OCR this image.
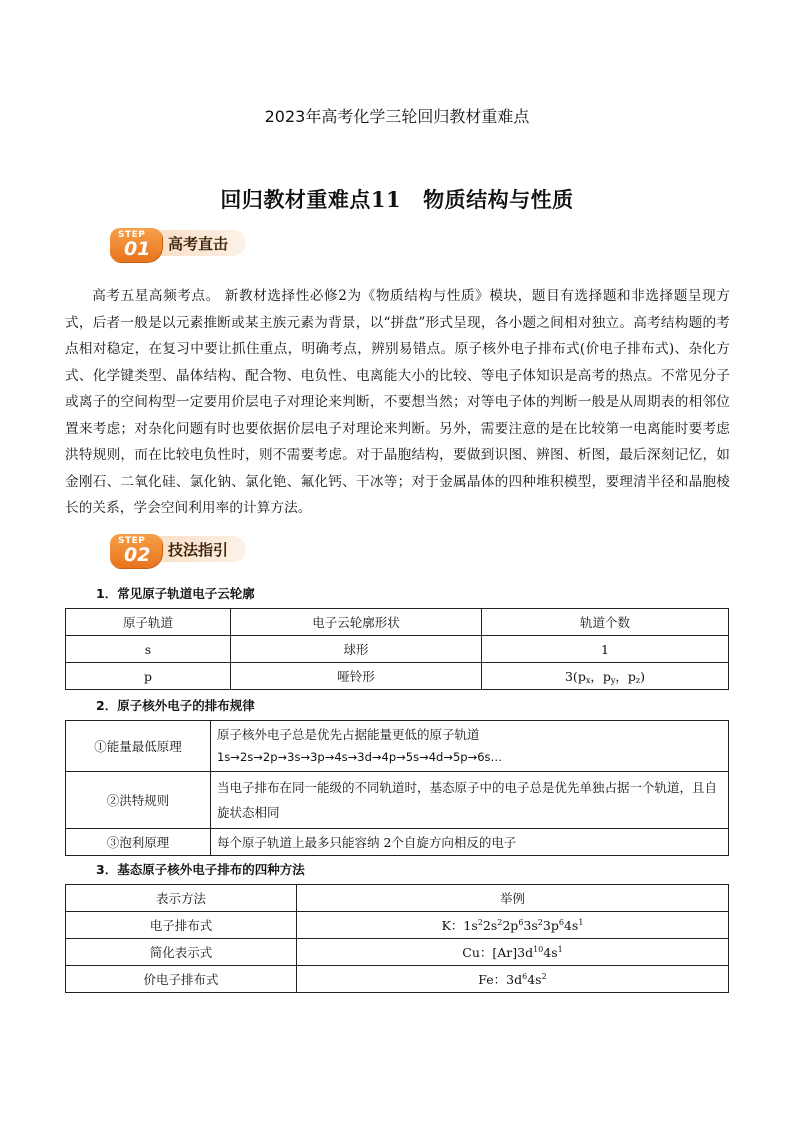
2023年高考化学三轮回归教材重难点
回归教材重难点11 物质结构与性质
STEP
01 高考直击
高考五星高频考点。 新教材选择性必修2为《物质结构与性质》模块，题目有选择题和非选择题呈现方式，后者一般是以元素推断或某主族元素为背景，以“拼盘”形式呈现，各小题之间相对独立。高考结构题的考点相对稳定，在复习中要让抓住重点，明确考点，辨别易错点。原子核外电子排布式(价电子排布式)、杂化方式、化学键类型、晶体结构、配合物、电负性、电离能大小的比较、等电子体知识是高考的热点。不常见分子或离子的空间构型一定要用价层电子对理论来判断，不要想当然；对等电子体的判断一般是从周期表的相邻位置来考虑；对杂化问题有时也要依据价层电子对理论来判断。另外，需要注意的是在比较第一电离能时要考虑洪特规则，而在比较电负性时，则不需要考虑。对于晶胞结构，要做到识图、辨图、析图，最后深刻记忆，如金刚石、二氧化硅、氯化钠、氯化铯、氟化钙、干冰等；对于金属晶体的四种堆积模型，要理清半径和晶胞棱长的关系，学会空间利用率的计算方法。
STEP
02 技法指引
1．常见原子轨道电子云轮廓
原子轨道	电子云轮廓形状	轨道个数
s	球形	1
p	哑铃形	$3(p_x$，$p_y$，$p_z$)
2．原子核外电子的排布规律
①能量最低原理	原子核外电子总是优先占据能量更低的原子轨道
1s→2s→2p→3s→3p→4s→3d→4p→5s→4d→5p→6s…

②洪特规则	当电子排布在同一能级的不同轨道时，基态原子中的电子总是优先单独占据一个轨道，且自旋状态相同
③泡利原理	每个原子轨道上最多只能容纳 2个自旋方向相反的电子
3．基态原子核外电子排布的四种方法
表示方法	举例
电子排布式	K：$1s^22s^22p^63s^23p^64s^1$
简化表示式	Cu：$[Ar]3d^{10}4s^1$
价电子排布式	Fe：$3d^64s^2$
